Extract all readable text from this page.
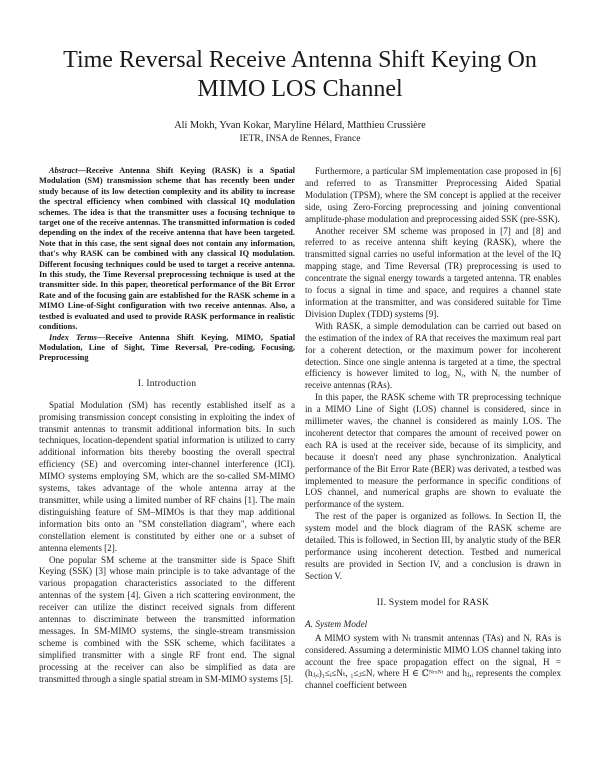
Time Reversal Receive Antenna Shift Keying On MIMO LOS Channel
Ali Mokh, Yvan Kokar, Maryline Hélard, Matthieu Crussière
IETR, INSA de Rennes, France

Abstract—Receive Antenna Shift Keying (RASK) is a Spatial Modulation (SM) transmission scheme that has recently been under study because of its low detection complexity and its ability to increase the spectral efficiency when combined with classical IQ modulation schemes. The idea is that the transmitter uses a focusing technique to target one of the receive antennas. The transmitted information is coded depending on the index of the receive antenna that have been targeted. Note that in this case, the sent signal does not contain any information, that's why RASK can be combined with any classical IQ modulation. Different focusing techniques could be used to target a receive antenna. In this study, the Time Reversal preprocessing technique is used at the transmitter side. In this paper, theoretical performance of the Bit Error Rate and of the focusing gain are established for the RASK scheme in a MIMO Line-of-Sight configuration with two receive antennas. Also, a testbed is evaluated and used to provide RASK performance in realistic conditions.

Index Terms—Receive Antenna Shift Keying, MIMO, Spatial Modulation, Line of Sight, Time Reversal, Pre-coding, Focusing, Preprocessing

I. Introduction

Spatial Modulation (SM) has recently established itself as a promising transmission concept consisting in exploiting the index of transmit antennas to transmit additional information bits. In such techniques, location-dependent spatial information is utilized to carry additional information bits thereby boosting the overall spectral efficiency (SE) and overcoming inter-channel interference (ICI). MIMO systems employing SM, which are the so-called SM-MIMO systems, takes advantage of the whole antenna array at the transmitter, while using a limited number of RF chains [1]. The main distinguishing feature of SM–MIMOs is that they map additional information bits onto an "SM constellation diagram", where each constellation element is constituted by either one or a subset of antenna elements [2].

One popular SM scheme at the transmitter side is Space Shift Keying (SSK) [3] whose main principle is to take advantage of the various propagation characteristics associated to the different antennas of the system [4]. Given a rich scattering environment, the receiver can utilize the distinct received signals from different antennas to discriminate between the transmitted information messages. In SM-MIMO systems, the single-stream transmission scheme is combined with the SSK scheme, which facilitates a simplified transmitter with a single RF front end. The signal processing at the receiver can also be simplified as data are transmitted through a single spatial stream in SM-MIMO systems [5].

Furthermore, a particular SM implementation case proposed in [6] and referred to as Transmitter Preprocessing Aided Spatial Modulation (TPSM), where the SM concept is applied at the receiver side, using Zero-Forcing preprocessing and joining conventional amplitude-phase modulation and preprocessing aided SSK (pre-SSK).

Another receiver SM scheme was proposed in [7] and [8] and referred to as receive antenna shift keying (RASK), where the transmitted signal carries no useful information at the level of the IQ mapping stage, and Time Reversal (TR) preprocessing is used to concentrate the signal energy towards a targeted antenna. TR enables to focus a signal in time and space, and requires a channel state information at the transmitter, and was considered suitable for Time Division Duplex (TDD) systems [9].

With RASK, a simple demodulation can be carried out based on the estimation of the index of RA that receives the maximum real part for a coherent detection, or the maximum power for incoherent detection. Since one single antenna is targeted at a time, the spectral efficiency is however limited to log₂ Nᵣ, with Nᵣ the number of receive antennas (RAs).

In this paper, the RASK scheme with TR preprocessing technique in a MIMO Line of Sight (LOS) channel is considered, since in millimeter waves, the channel is considered as mainly LOS. The incoherent detector that compares the amount of received power on each RA is used at the receiver side, because of its simplicity, and because it doesn't need any phase synchronization. Analytical performance of the Bit Error Rate (BER) was derivated, a testbed was implemented to measure the performance in specific conditions of LOS channel, and numerical graphs are shown to evaluate the performance of the system.

The rest of the paper is organized as follows. In Section II, the system model and the block diagram of the RASK scheme are detailed. This is followed, in Section III, by analytic study of the BER performance using incoherent detection. Testbed and numerical results are provided in Section IV, and a conclusion is drawn in Section V.

II. System model for RASK
A. System Model

A MIMO system with Nₜ transmit antennas (TAs) and Nᵣ RAs is considered. Assuming a deterministic MIMO LOS channel taking into account the free space propagation effect on the signal, H = (hⱼ,ᵢ)₁≤ᵢ≤Nₜ, ₁≤ⱼ≤Nᵣ where H ∈ ℂᴺʳˣᴺᵗ and hⱼ,ᵢ represents the complex channel coefficient between
